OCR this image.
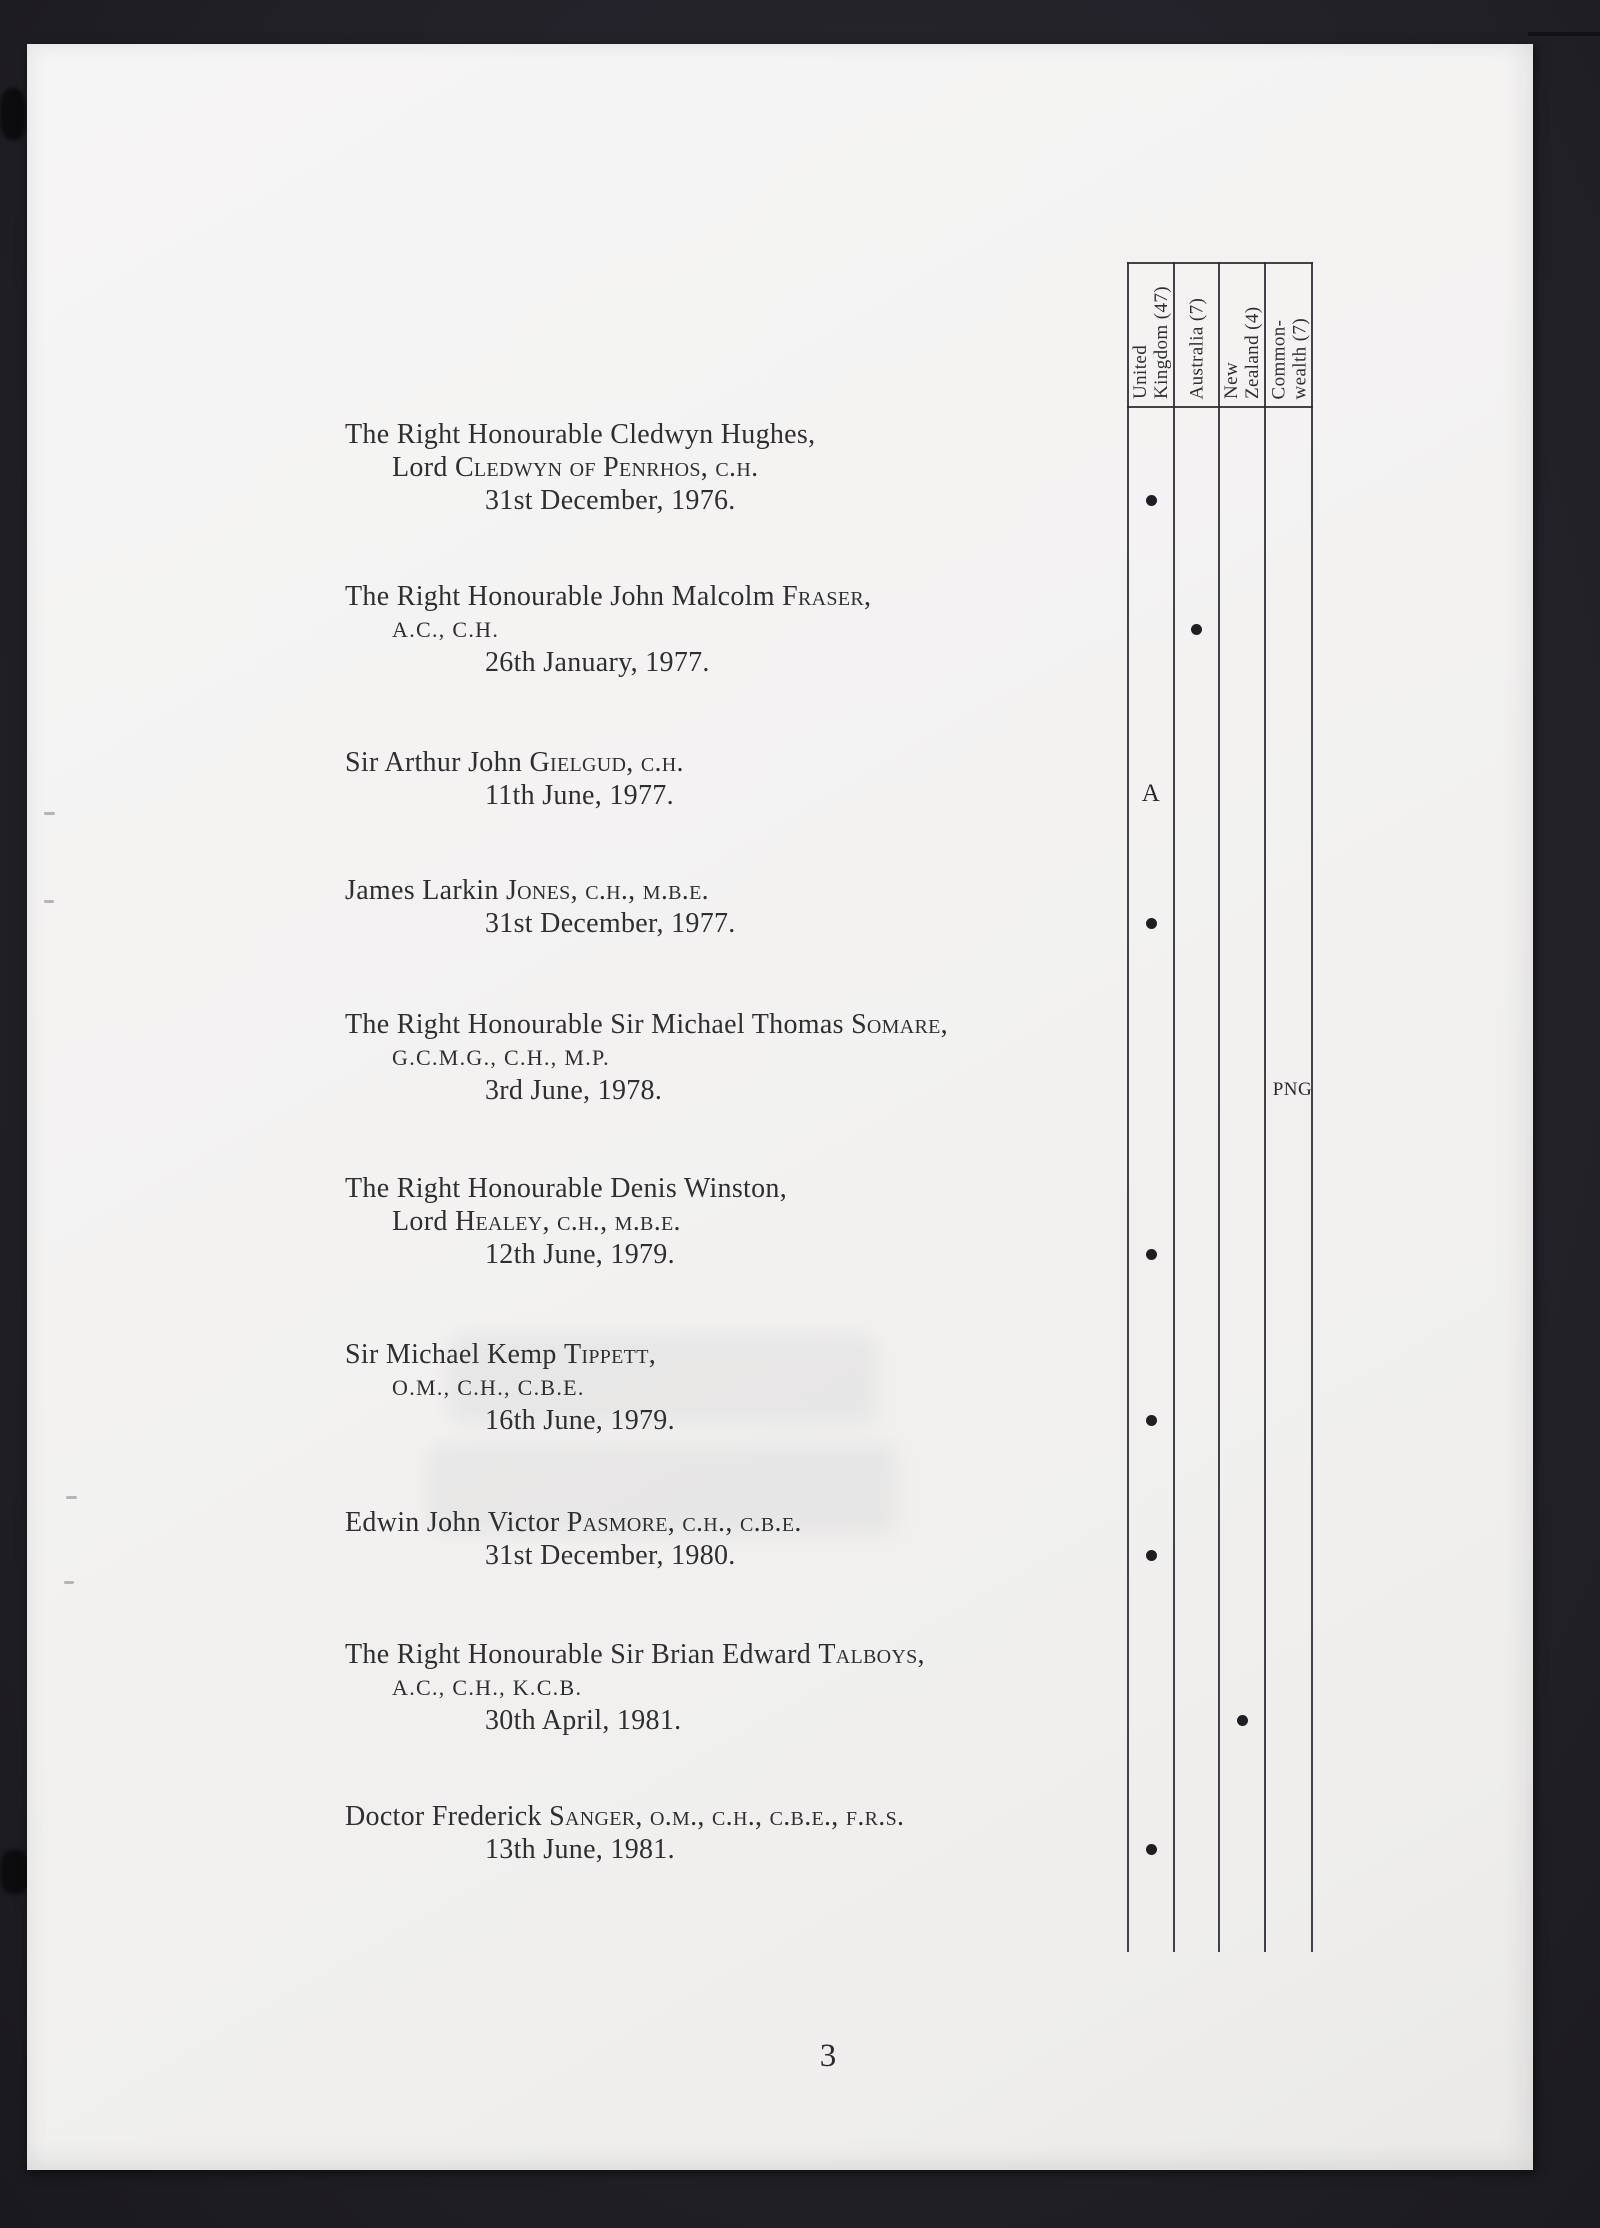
United Kingdom (47) Australia (7) New Zealand (4) Common- wealth (7)
A
PNG
The Right Honourable Cledwyn Hughes,
Lord Cledwyn of Penrhos, c.h.
31st December, 1976.
The Right Honourable John Malcolm Fraser,
A.C., C.H.
26th January, 1977.
Sir Arthur John Gielgud, c.h.
11th June, 1977.
James Larkin Jones, c.h., m.b.e.
31st December, 1977.
The Right Honourable Sir Michael Thomas Somare,
G.C.M.G., C.H., M.P.
3rd June, 1978.
The Right Honourable Denis Winston,
Lord Healey, c.h., m.b.e.
12th June, 1979.
Sir Michael Kemp Tippett,
O.M., C.H., C.B.E.
16th June, 1979.
Edwin John Victor Pasmore, c.h., c.b.e.
31st December, 1980.
The Right Honourable Sir Brian Edward Talboys,
A.C., C.H., K.C.B.
30th April, 1981.
Doctor Frederick Sanger, o.m., c.h., c.b.e., f.r.s.
13th June, 1981.
3
